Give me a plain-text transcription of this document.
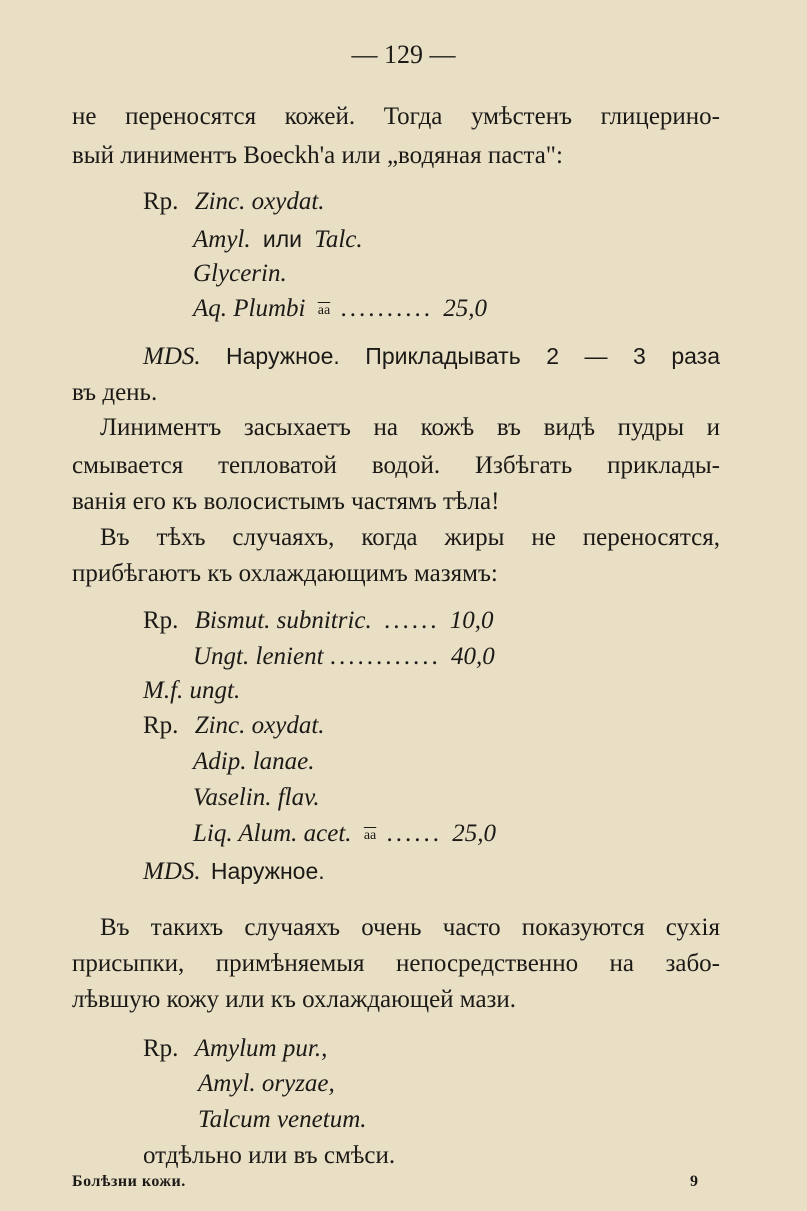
— 129 —
не переносятся кожей. Тогда умѣстенъ глицерино-
вый линиментъ Boeckh'a или „водяная паста":
Rp. Zinc. oxydat.
Amyl. или Talc.
Glycerin.
Aq. Plumbi $\overline{aa}$ .......... 25,0
MDS. Наружное. Прикладывать 2 — 3 раза
въ день.
Линиментъ засыхаетъ на кожѣ въ видѣ пудры и
смывается тепловатой водой. Избѣгать приклады-
ванія его къ волосистымъ частямъ тѣла!
Въ тѣхъ случаяхъ, когда жиры не переносятся,
прибѣгаютъ къ охлаждающимъ мазямъ:
Rp. Bismut. subnitric. ...... 10,0
Ungt. lenient ............ 40,0
M.f. ungt.
Rp. Zinc. oxydat.
Adip. lanae.
Vaselin. flav.
Liq. Alum. acet. $\overline{aa}$ ...... 25,0
MDS. Наружное.
Въ такихъ случаяхъ очень часто показуются сухія
присыпки, примѣняемыя непосредственно на забо-
лѣвшую кожу или къ охлаждающей мази.
Rp. Amylum pur.,
Amyl. oryzae,
Talcum venetum.
отдѣльно или въ смѣси.
Болѣзни кожи.	9
